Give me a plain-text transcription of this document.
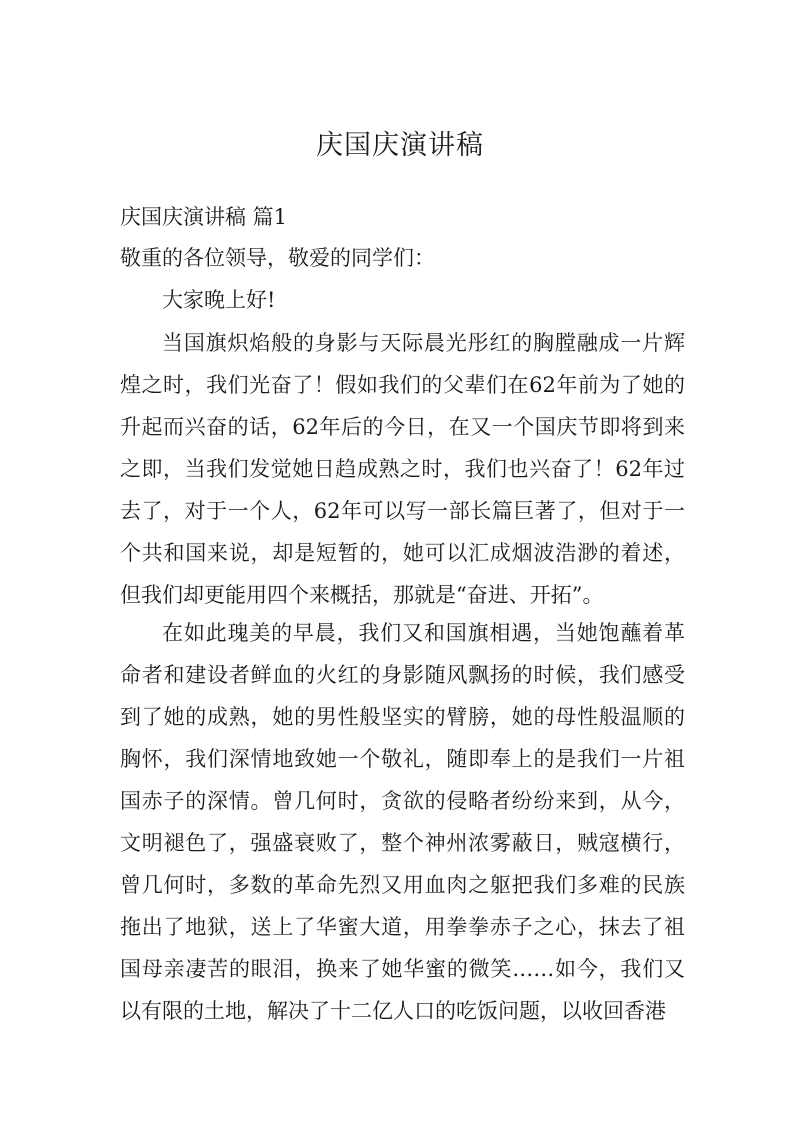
庆国庆演讲稿
庆国庆演讲稿 篇1
敬重的各位领导，敬爱的同学们：
大家晚上好!

当国旗炽焰般的身影与天际晨光彤红的胸膛融成一片辉煌之时，我们光奋了！假如我们的父辈们在62年前为了她的升起而兴奋的话，62年后的今日，在又一个国庆节即将到来之即，当我们发觉她日趋成熟之时，我们也兴奋了！62年过去了，对于一个人，62年可以写一部长篇巨著了，但对于一个共和国来说，却是短暂的，她可以汇成烟波浩渺的着述，但我们却更能用四个来概括，那就是“奋进、开拓”。

在如此瑰美的早晨，我们又和国旗相遇，当她饱蘸着革命者和建设者鲜血的火红的身影随风飘扬的时候，我们感受到了她的成熟，她的男性般坚实的臂膀，她的母性般温顺的胸怀，我们深情地致她一个敬礼，随即奉上的是我们一片祖国赤子的深情。曾几何时，贪欲的侵略者纷纷来到，从今，文明褪色了，强盛衰败了，整个神州浓雾蔽日，贼寇横行，曾几何时，多数的革命先烈又用血肉之躯把我们多难的民族拖出了地狱，送上了华蜜大道，用拳拳赤子之心，抹去了祖国母亲凄苦的眼泪，换来了她华蜜的微笑……如今，我们又以有限的土地，解决了十二亿人口的吃饭问题，以收回香港
